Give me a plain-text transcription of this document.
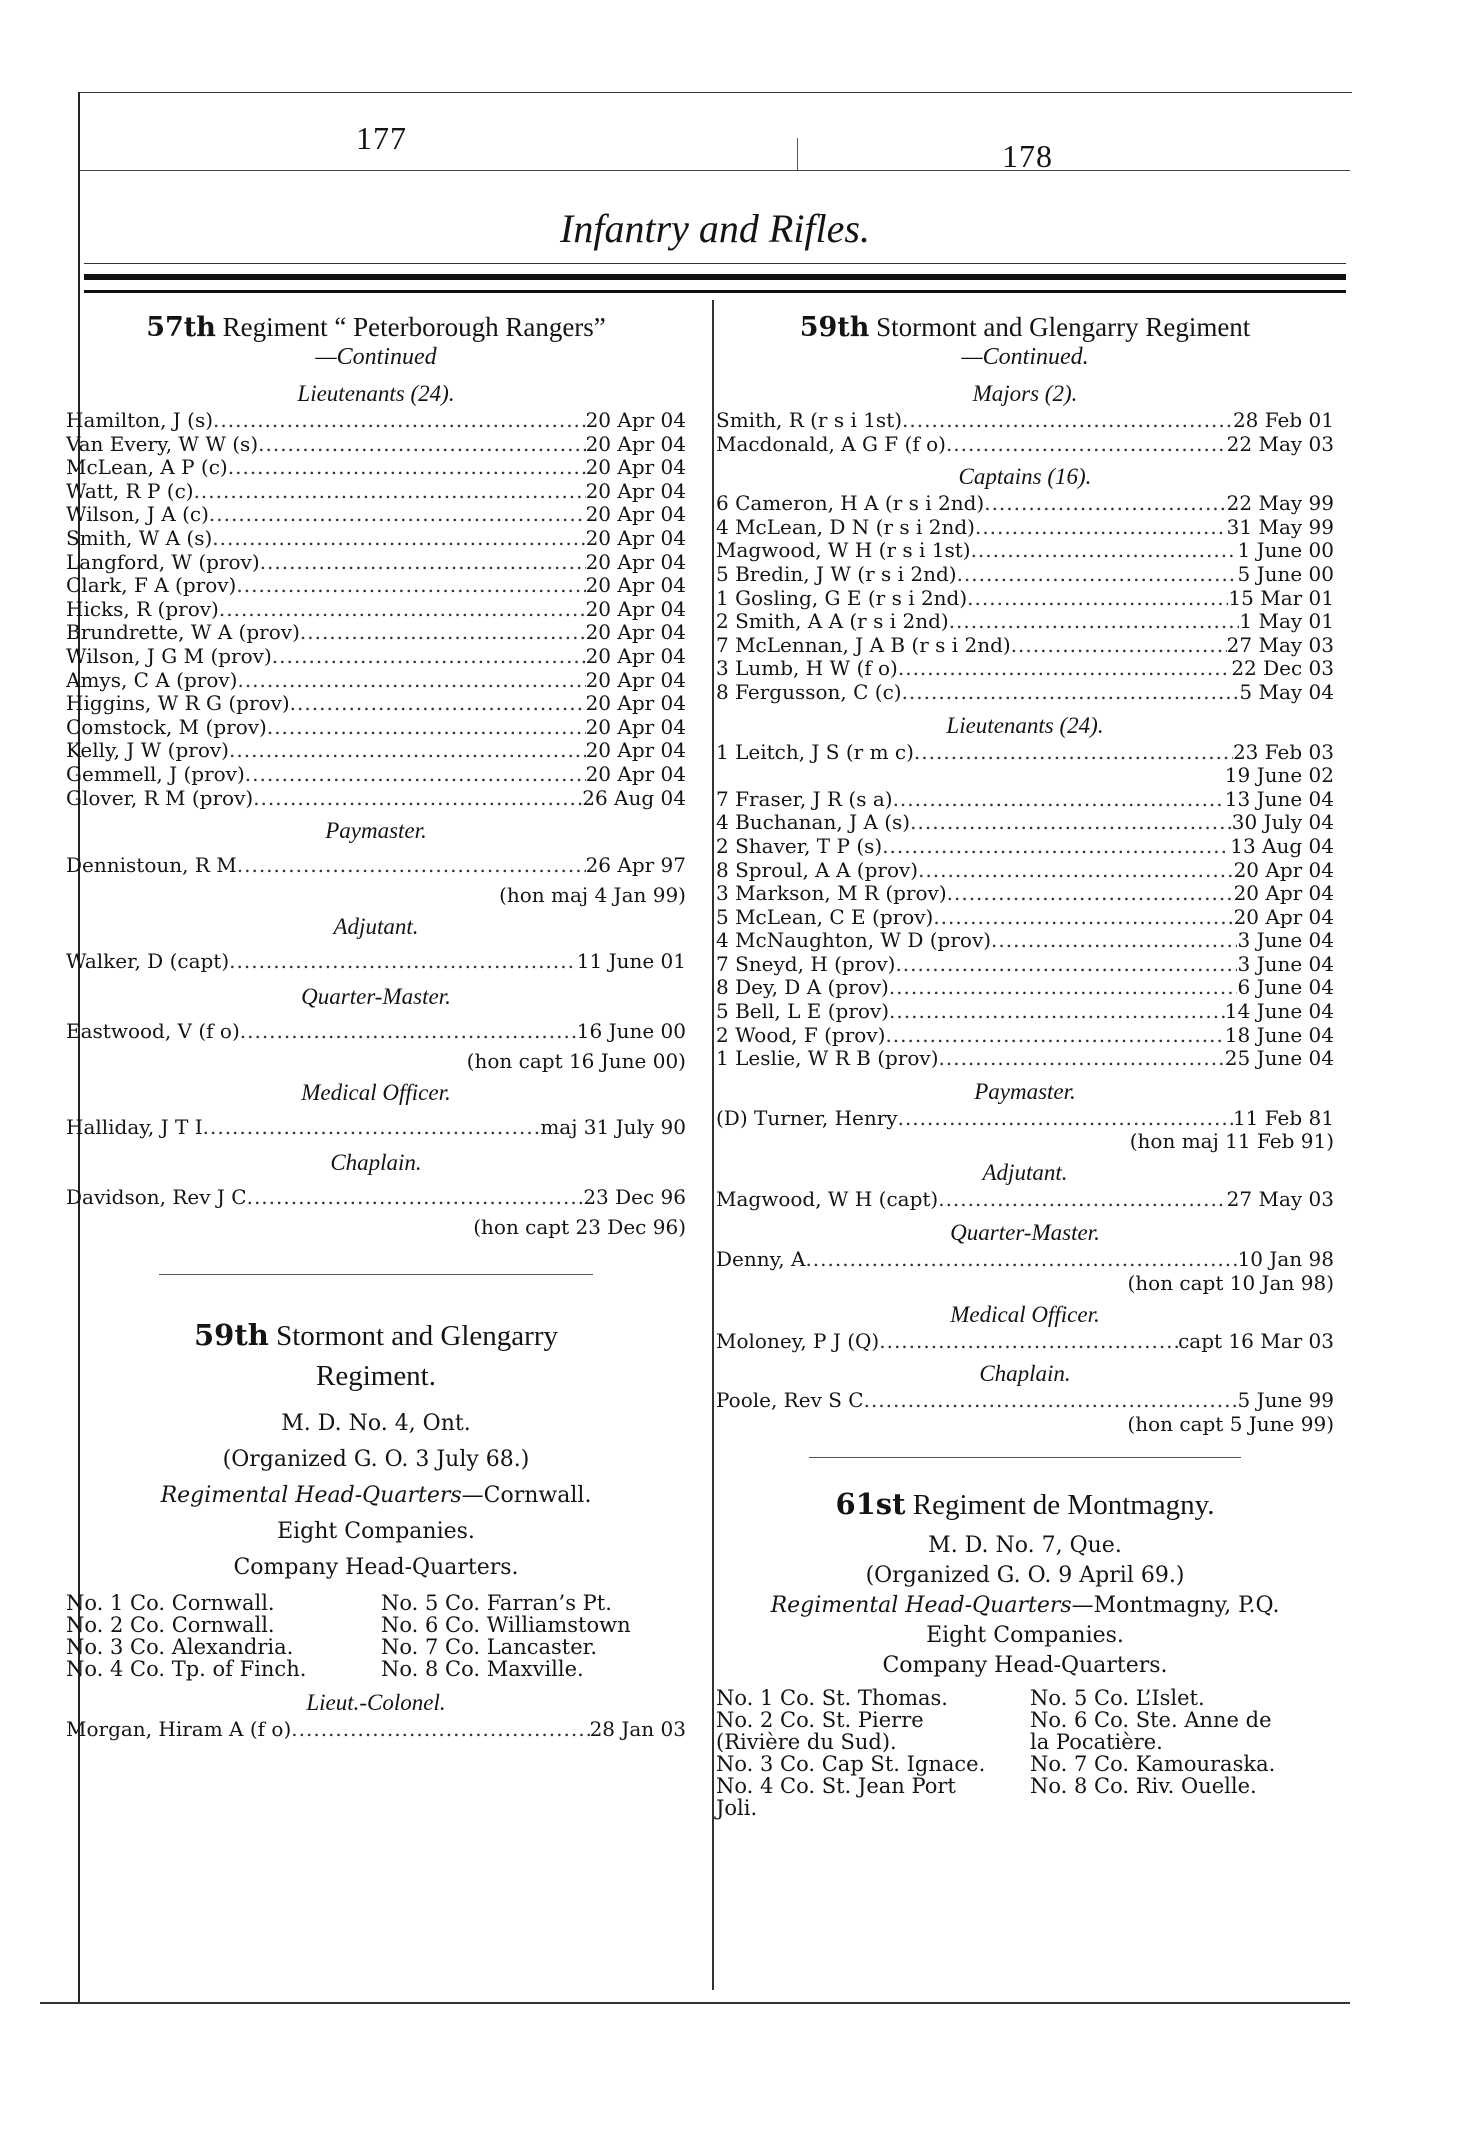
177	178
Infantry and Rifles.
57th Regiment “ Peterborough Rangers”
—Continued
Lieutenants (24).
Hamilton, J (s) .....	20 Apr 04
Van Every, W W (s) .....	20 Apr 04
McLean, A P (c) .....	20 Apr 04
Watt, R P (c) .....	20 Apr 04
Wilson, J A (c) .....	20 Apr 04
Smith, W A (s) .....	20 Apr 04
Langford, W (prov) .....	20 Apr 04
Clark, F A (prov) .....	20 Apr 04
Hicks, R (prov) .....	20 Apr 04
Brundrette, W A (prov) .....	20 Apr 04
Wilson, J G M (prov) .....	20 Apr 04
Amys, C A (prov) .....	20 Apr 04
Higgins, W R G (prov) .....	20 Apr 04
Comstock, M (prov) .....	20 Apr 04
Kelly, J W (prov) .....	20 Apr 04
Gemmell, J (prov) .....	20 Apr 04
Glover, R M (prov) .....	26 Aug 04
Paymaster.
Dennistoun, R M .....	26 Apr 97
(hon maj 4 Jan 99)
Adjutant.
Walker, D (capt) .....	11 June 01
Quarter-Master.
Eastwood, V (f o) .....	16 June 00
(hon capt 16 June 00)
Medical Officer.
Halliday, J T I .....	maj 31 July 90
Chaplain.
Davidson, Rev J C .....	23 Dec 96
(hon capt 23 Dec 96)
59th Stormont and Glengarry
Regiment.
M. D. No. 4, Ont.
(Organized G. O. 3 July 68.)
Regimental Head-Quarters—Cornwall.
Eight Companies.
Company Head-Quarters.
No. 1 Co. Cornwall.	No. 5 Co. Farran’s Pt.
No. 2 Co. Cornwall.	No. 6 Co. Williamstown
No. 3 Co. Alexandria.	No. 7 Co. Lancaster.
No. 4 Co. Tp. of Finch.	No. 8 Co. Maxville.
Lieut.-Colonel.
Morgan, Hiram A (f o) .....	28 Jan 03
59th Stormont and Glengarry Regiment
—Continued.
Majors (2).
Smith, R (r s i 1st) .....	28 Feb 01
Macdonald, A G F (f o) .....	22 May 03
Captains (16).
6 Cameron, H A (r s i 2nd) .....	22 May 99
4 McLean, D N (r s i 2nd) .....	31 May 99
Magwood, W H (r s i 1st) .....	1 June 00
5 Bredin, J W (r s i 2nd) .....	5 June 00
1 Gosling, G E (r s i 2nd) .....	15 Mar 01
2 Smith, A A (r s i 2nd) .....	1 May 01
7 McLennan, J A B (r s i 2nd) .....	27 May 03
3 Lumb, H W (f o) .....	22 Dec 03
8 Fergusson, C (c) .....	5 May 04
Lieutenants (24).
1 Leitch, J S (r m c) .....	23 Feb 03
19 June 02
7 Fraser, J R (s a) .....	13 June 04
4 Buchanan, J A (s) .....	30 July 04
2 Shaver, T P (s) .....	13 Aug 04
8 Sproul, A A (prov) .....	20 Apr 04
3 Markson, M R (prov) .....	20 Apr 04
5 McLean, C E (prov) .....	20 Apr 04
4 McNaughton, W D (prov) .....	3 June 04
7 Sneyd, H (prov) .....	3 June 04
8 Dey, D A (prov) .....	6 June 04
5 Bell, L E (prov) .....	14 June 04
2 Wood, F (prov) .....	18 June 04
1 Leslie, W R B (prov) .....	25 June 04
Paymaster.
(D) Turner, Henry .....	11 Feb 81
(hon maj 11 Feb 91)
Adjutant.
Magwood, W H (capt) .....	27 May 03
Quarter-Master.
Denny, A .....	10 Jan 98
(hon capt 10 Jan 98)
Medical Officer.
Moloney, P J (Q) .....	capt 16 Mar 03
Chaplain.
Poole, Rev S C .....	5 June 99
(hon capt 5 June 99)
61st Regiment de Montmagny.
M. D. No. 7, Que.
(Organized G. O. 9 April 69.)
Regimental Head-Quarters—Montmagny, P.Q.
Eight Companies.
Company Head-Quarters.
No. 1 Co. St. Thomas.	No. 5 Co. L’Islet.
No. 2 Co. St. Pierre	No. 6 Co. Ste. Anne de
(Rivière du Sud).	la Pocatière.
No. 3 Co. Cap St. Ignace.	No. 7 Co. Kamouraska.
No. 4 Co. St. Jean Port	No. 8 Co. Riv. Ouelle.
Joli.
